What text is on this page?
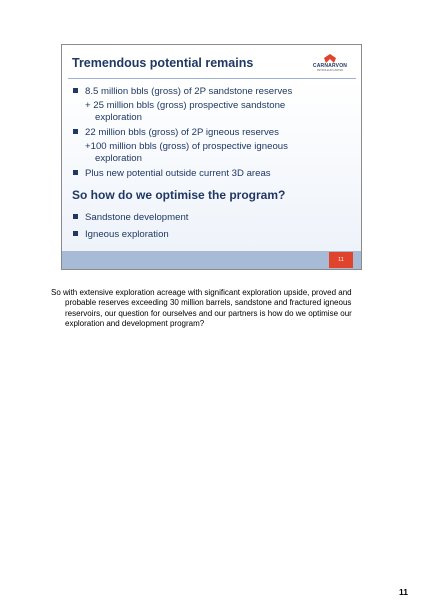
Tremendous potential remains	CARNARVON
PETROLEUM LIMITED
8.5 million bbls (gross) of 2P sandstone reserves
+ 25 million bbls (gross) prospective sandstone
exploration
22 million bbls (gross) of 2P igneous reserves
+100 million bbls (gross) of prospective igneous
exploration
Plus new potential outside current 3D areas
So how do we optimise the program?
Sandstone development
Igneous exploration
11

So with extensive exploration acreage with significant exploration upside, proved and probable reserves exceeding 30 million barrels, sandstone and fractured igneous reservoirs, our question for ourselves and our partners is how do we optimise our exploration and development program?

11
